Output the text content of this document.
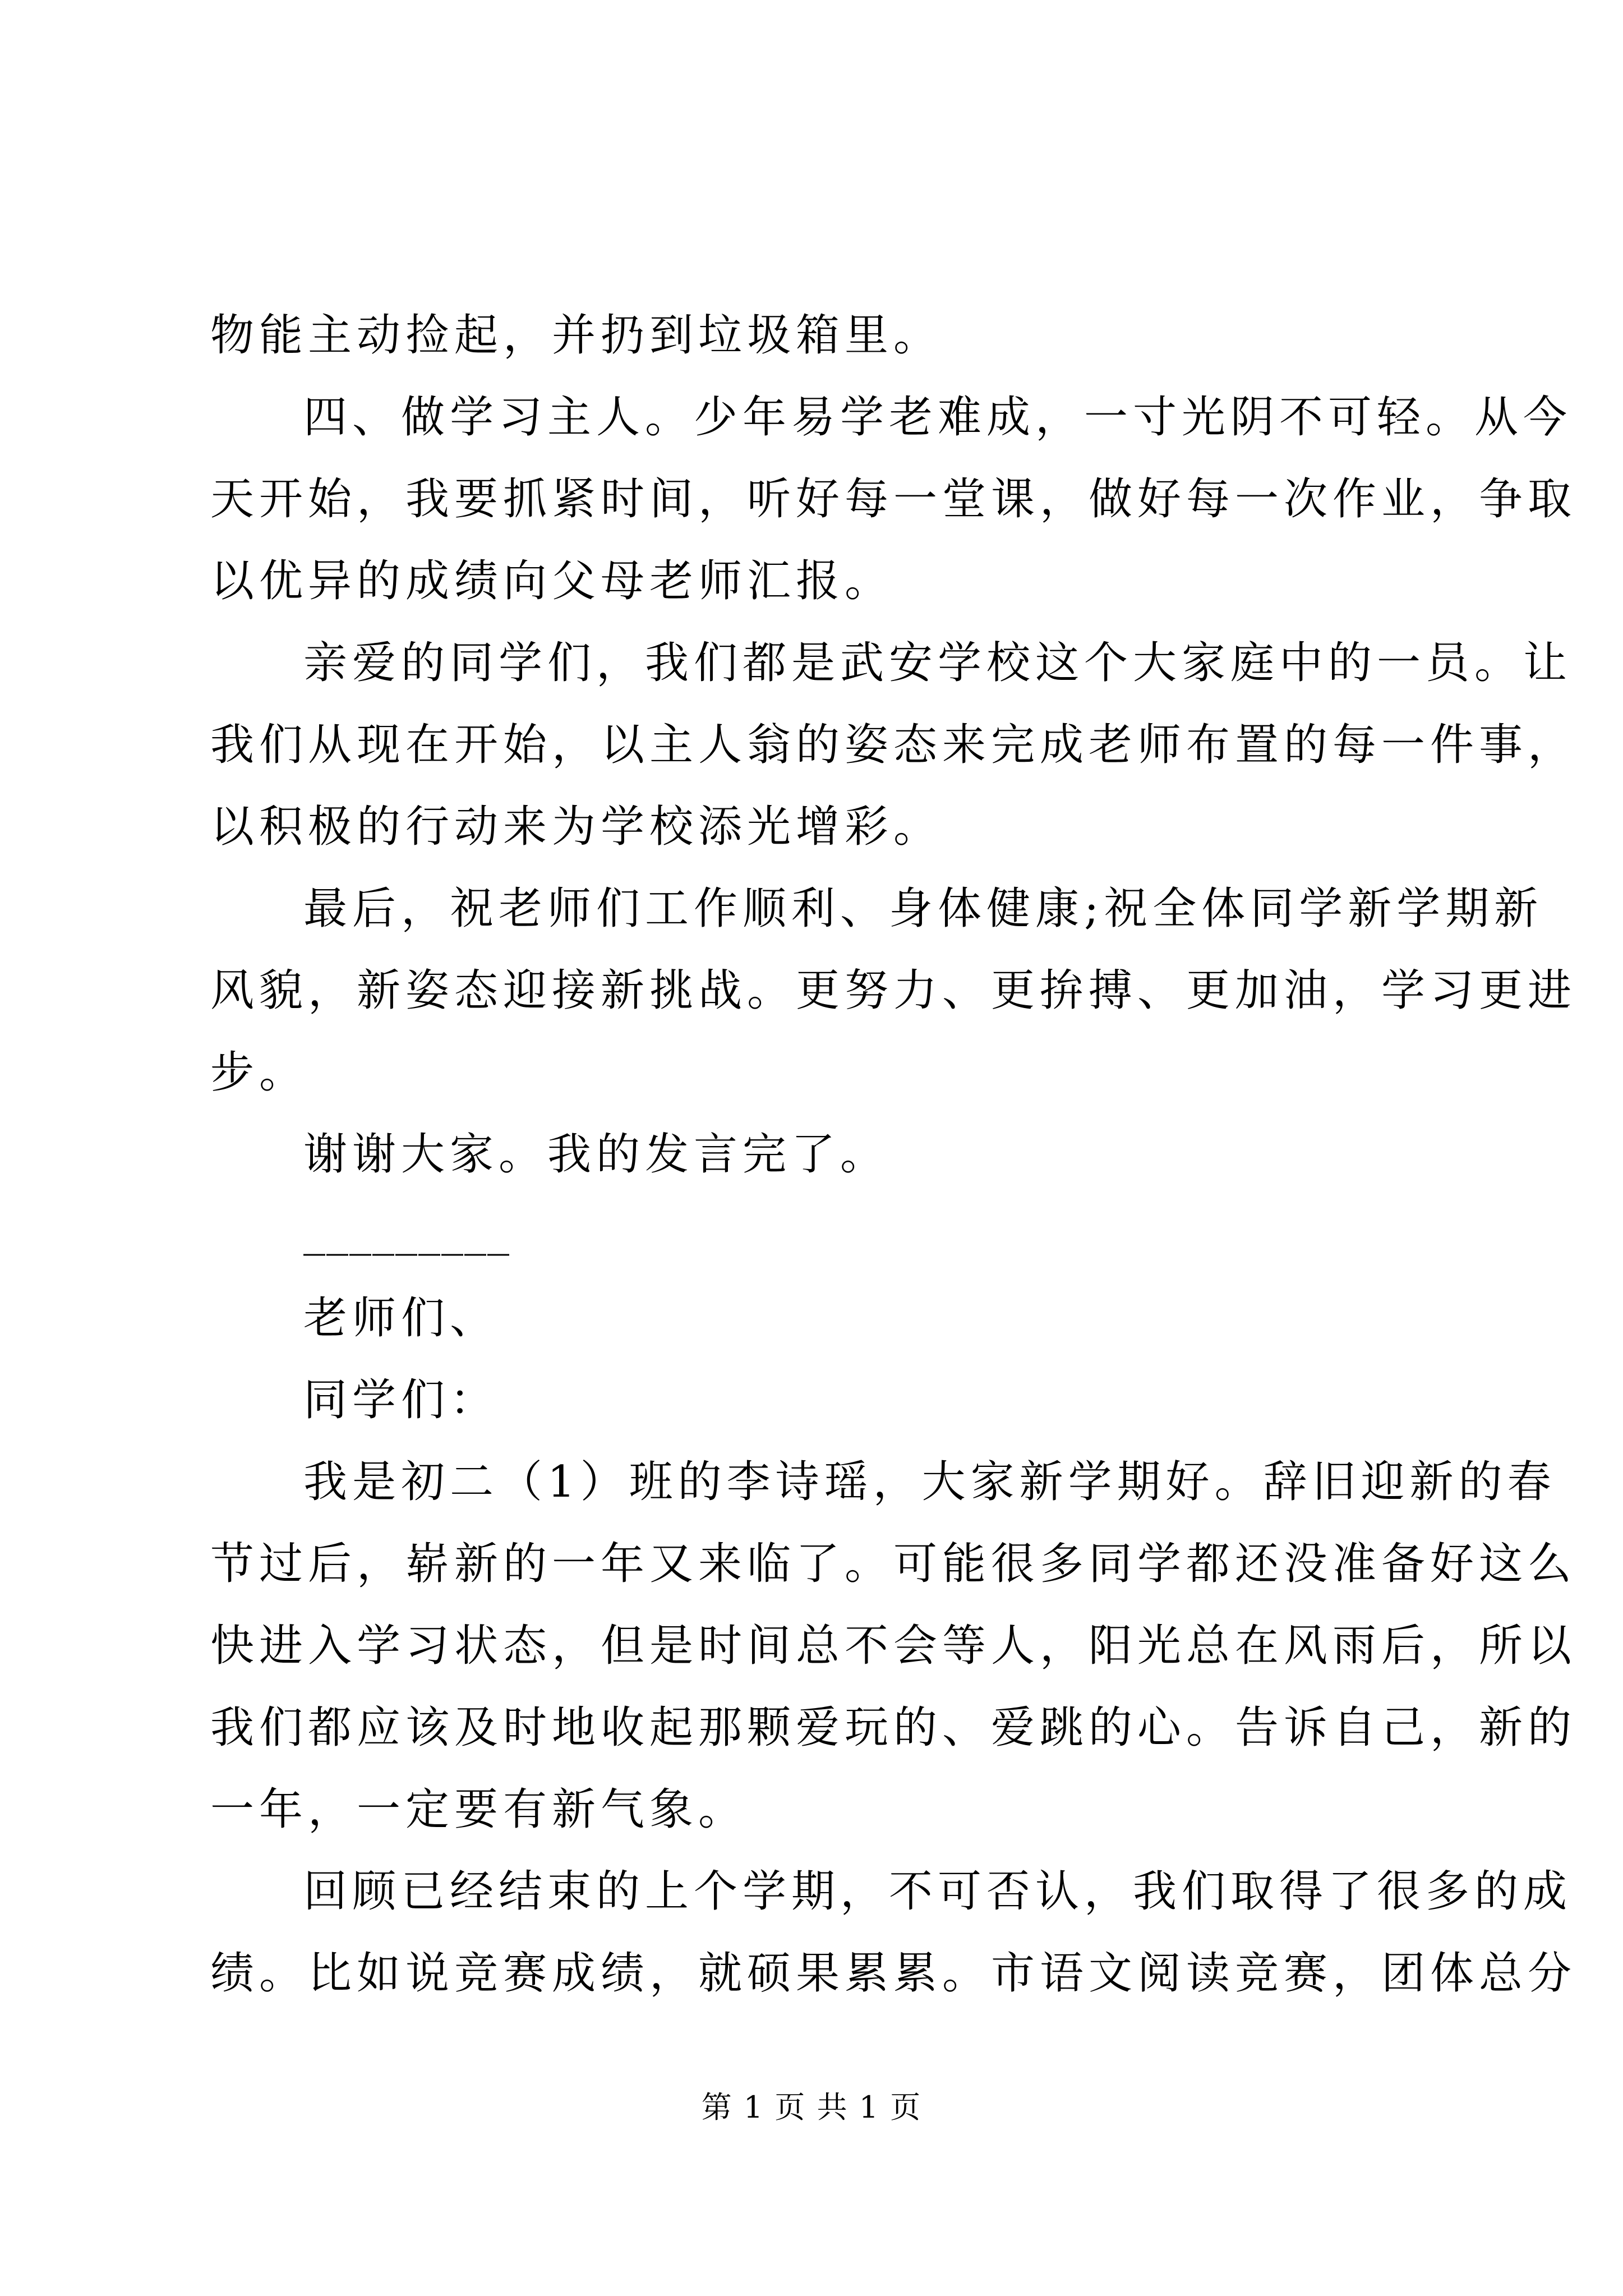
物能主动捡起，并扔到垃圾箱里。
四、做学习主人。少年易学老难成，一寸光阴不可轻。从今
天开始，我要抓紧时间，听好每一堂课，做好每一次作业，争取
以优异的成绩向父母老师汇报。
亲爱的同学们，我们都是武安学校这个大家庭中的一员。让
我们从现在开始，以主人翁的姿态来完成老师布置的每一件事，
以积极的行动来为学校添光增彩。
最后，祝老师们工作顺利、身体健康;祝全体同学新学期新
风貌，新姿态迎接新挑战。更努力、更拚搏、更加油，学习更进
步。
谢谢大家。我的发言完了。
_________
老师们、
同学们：
我是初二（1）班的李诗瑶，大家新学期好。辞旧迎新的春
节过后，崭新的一年又来临了。可能很多同学都还没准备好这么
快进入学习状态，但是时间总不会等人，阳光总在风雨后，所以
我们都应该及时地收起那颗爱玩的、爱跳的心。告诉自己，新的
一年，一定要有新气象。
回顾已经结束的上个学期，不可否认，我们取得了很多的成
绩。比如说竞赛成绩，就硕果累累。市语文阅读竞赛，团体总分
第 1 页 共 1 页
